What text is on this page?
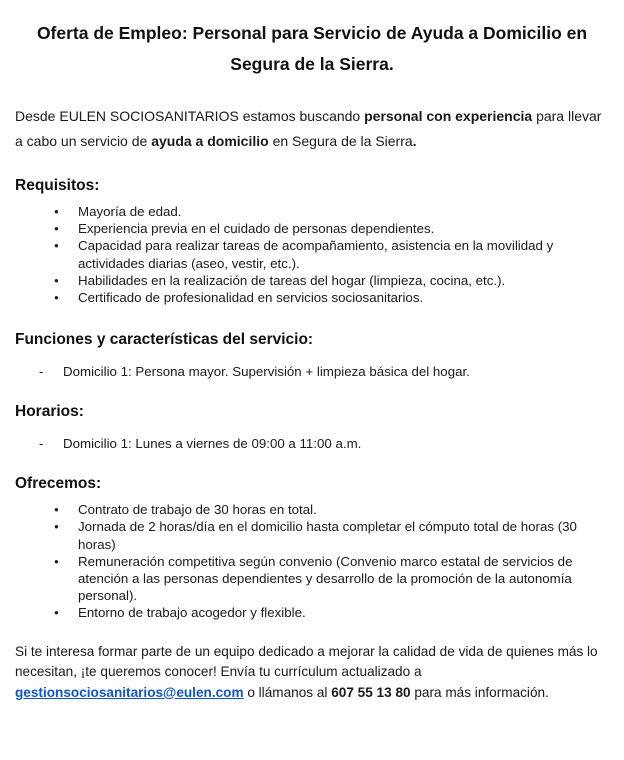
Oferta de Empleo: Personal para Servicio de Ayuda a Domicilio en Segura de la Sierra.

Desde EULEN SOCIOSANITARIOS estamos buscando personal con experiencia para llevar a cabo un servicio de ayuda a domicilio en Segura de la Sierra.

Requisitos:
● Mayoría de edad.
● Experiencia previa en el cuidado de personas dependientes.
● Capacidad para realizar tareas de acompañamiento, asistencia en la movilidad y actividades diarias (aseo, vestir, etc.).
● Habilidades en la realización de tareas del hogar (limpieza, cocina, etc.).
● Certificado de profesionalidad en servicios sociosanitarios.
Funciones y características del servicio:
- Domicilio 1: Persona mayor. Supervisión + limpieza básica del hogar.
Horarios:
- Domicilio 1: Lunes a viernes de 09:00 a 11:00 a.m.
Ofrecemos:
● Contrato de trabajo de 30 horas en total.
● Jornada de 2 horas/día en el domicilio hasta completar el cómputo total de horas (30 horas)
● Remuneración competitiva según convenio (Convenio marco estatal de servicios de atención a las personas dependientes y desarrollo de la promoción de la autonomía personal).
● Entorno de trabajo acogedor y flexible.

Si te interesa formar parte de un equipo dedicado a mejorar la calidad de vida de quienes más lo necesitan, ¡te queremos conocer! Envía tu currículum actualizado a gestionsociosanitarios@eulen.com o llámanos al 607 55 13 80 para más información.
